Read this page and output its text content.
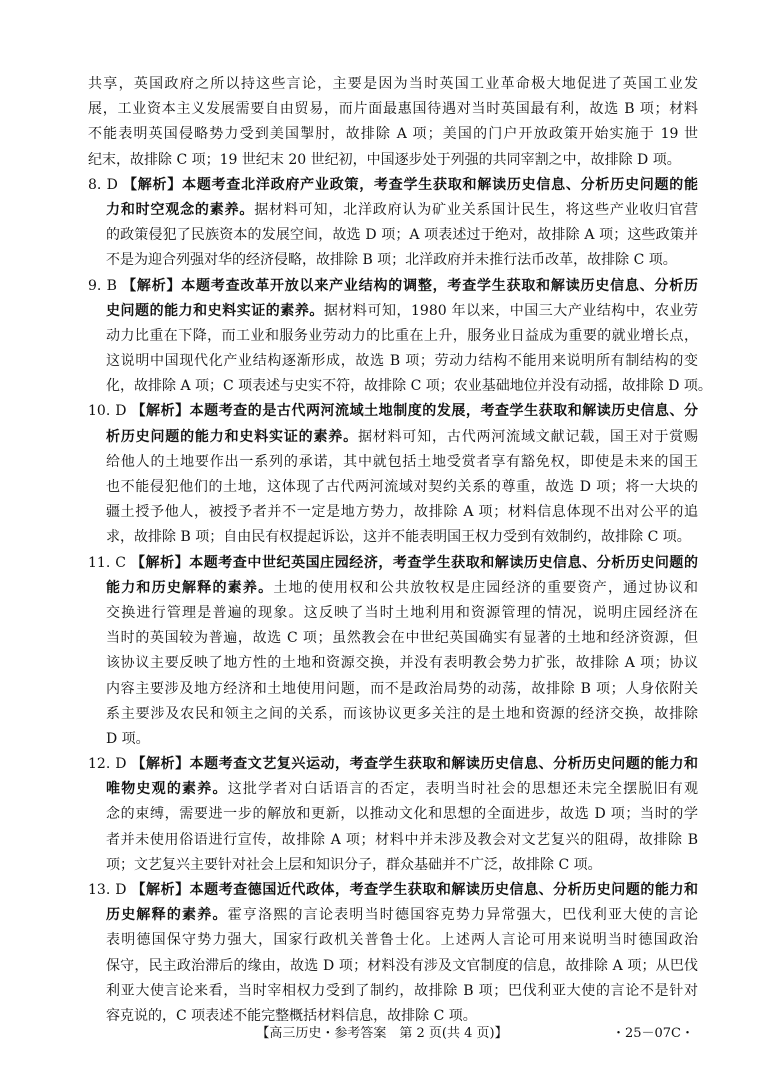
共享，英国政府之所以持这些言论，主要是因为当时英国工业革命极大地促进了英国工业发
展，工业资本主义发展需要自由贸易，而片面最惠国待遇对当时英国最有利，故选 B 项；材料
不能表明英国侵略势力受到美国掣肘，故排除 A 项；美国的门户开放政策开始实施于 19 世
纪末，故排除 C 项；19 世纪末 20 世纪初，中国逐步处于列强的共同宰割之中，故排除 D 项。
8. D 【解析】本题考查北洋政府产业政策，考查学生获取和解读历史信息、分析历史问题的能
力和时空观念的素养。据材料可知，北洋政府认为矿业关系国计民生，将这些产业收归官营
的政策侵犯了民族资本的发展空间，故选 D 项；A 项表述过于绝对，故排除 A 项；这些政策并
不是为迎合列强对华的经济侵略，故排除 B 项；北洋政府并未推行法币改革，故排除 C 项。
9. B 【解析】本题考查改革开放以来产业结构的调整，考查学生获取和解读历史信息、分析历
史问题的能力和史料实证的素养。据材料可知，1980 年以来，中国三大产业结构中，农业劳
动力比重在下降，而工业和服务业劳动力的比重在上升，服务业日益成为重要的就业增长点，
这说明中国现代化产业结构逐渐形成，故选 B 项；劳动力结构不能用来说明所有制结构的变
化，故排除 A 项；C 项表述与史实不符，故排除 C 项；农业基础地位并没有动摇，故排除 D 项。
10. D 【解析】本题考查的是古代两河流域土地制度的发展，考查学生获取和解读历史信息、分
析历史问题的能力和史料实证的素养。据材料可知，古代两河流域文献记载，国王对于赏赐
给他人的土地要作出一系列的承诺，其中就包括土地受赏者享有豁免权，即使是未来的国王
也不能侵犯他们的土地，这体现了古代两河流域对契约关系的尊重，故选 D 项；将一大块的
疆土授予他人，被授予者并不一定是地方势力，故排除 A 项；材料信息体现不出对公平的追
求，故排除 B 项；自由民有权提起诉讼，这并不能表明国王权力受到有效制约，故排除 C 项。
11. C 【解析】本题考查中世纪英国庄园经济，考查学生获取和解读历史信息、分析历史问题的
能力和历史解释的素养。土地的使用权和公共放牧权是庄园经济的重要资产，通过协议和
交换进行管理是普遍的现象。这反映了当时土地利用和资源管理的情况，说明庄园经济在
当时的英国较为普遍，故选 C 项；虽然教会在中世纪英国确实有显著的土地和经济资源，但
该协议主要反映了地方性的土地和资源交换，并没有表明教会势力扩张，故排除 A 项；协议
内容主要涉及地方经济和土地使用问题，而不是政治局势的动荡，故排除 B 项；人身依附关
系主要涉及农民和领主之间的关系，而该协议更多关注的是土地和资源的经济交换，故排除
D 项。
12. D 【解析】本题考查文艺复兴运动，考查学生获取和解读历史信息、分析历史问题的能力和
唯物史观的素养。这批学者对白话语言的否定，表明当时社会的思想还未完全摆脱旧有观
念的束缚，需要进一步的解放和更新，以推动文化和思想的全面进步，故选 D 项；当时的学
者并未使用俗语进行宣传，故排除 A 项；材料中并未涉及教会对文艺复兴的阻碍，故排除 B
项；文艺复兴主要针对社会上层和知识分子，群众基础并不广泛，故排除 C 项。
13. D 【解析】本题考查德国近代政体，考查学生获取和解读历史信息、分析历史问题的能力和
历史解释的素养。霍亨洛熙的言论表明当时德国容克势力异常强大，巴伐利亚大使的言论
表明德国保守势力强大，国家行政机关普鲁士化。上述两人言论可用来说明当时德国政治
保守，民主政治滞后的缘由，故选 D 项；材料没有涉及文官制度的信息，故排除 A 项；从巴伐
利亚大使言论来看，当时宰相权力受到了制约，故排除 B 项；巴伐利亚大使的言论不是针对
容克说的，C 项表述不能完整概括材料信息，故排除 C 项。
【高三历史・参考答案　第 2 页(共 4 页)】	・25－07C・
